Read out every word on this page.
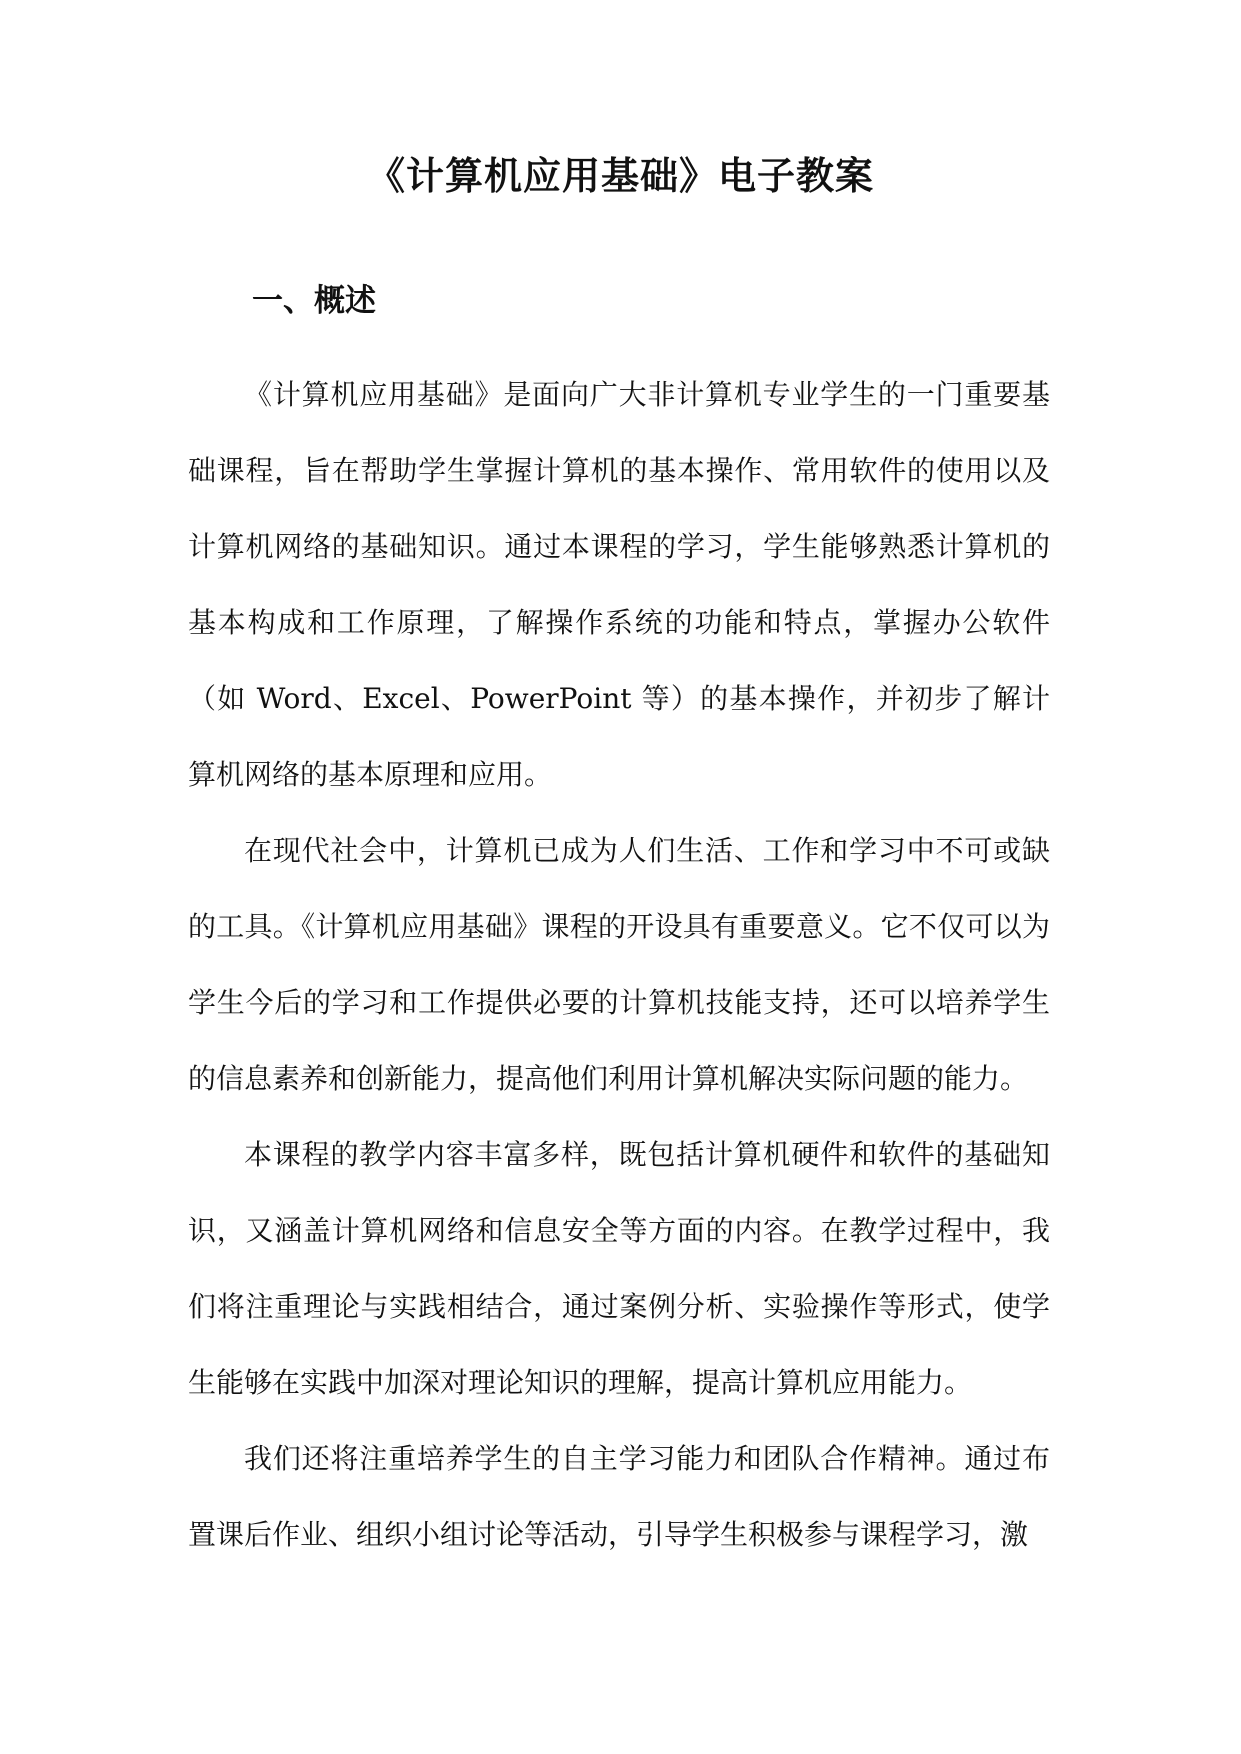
《计算机应用基础》电子教案
一、概述

《计算机应用基础》是面向广大非计算机专业学生的一门重要基础课程，旨在帮助学生掌握计算机的基本操作、常用软件的使用以及计算机网络的基础知识。通过本课程的学习，学生能够熟悉计算机的基本构成和工作原理，了解操作系统的功能和特点，掌握办公软件（如 Word、Excel、PowerPoint 等）的基本操作，并初步了解计算机网络的基本原理和应用。

在现代社会中，计算机已成为人们生活、工作和学习中不可或缺的工具。《计算机应用基础》课程的开设具有重要意义。它不仅可以为学生今后的学习和工作提供必要的计算机技能支持，还可以培养学生的信息素养和创新能力，提高他们利用计算机解决实际问题的能力。

本课程的教学内容丰富多样，既包括计算机硬件和软件的基础知识，又涵盖计算机网络和信息安全等方面的内容。在教学过程中，我们将注重理论与实践相结合，通过案例分析、实验操作等形式，使学生能够在实践中加深对理论知识的理解，提高计算机应用能力。

我们还将注重培养学生的自主学习能力和团队合作精神。通过布置课后作业、组织小组讨论等活动，引导学生积极参与课程学习，激
